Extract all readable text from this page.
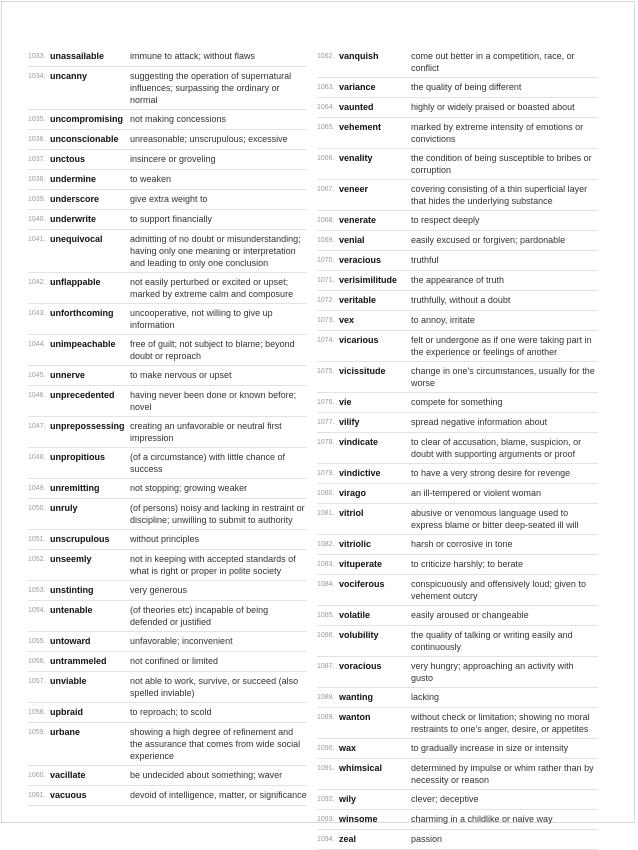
1033. unassailable	immune to attack; without flaws
1034. uncanny	suggesting the operation of supernatural influences; surpassing the ordinary or normal
1035. uncompromising not making concessions
1036. unconscionable	unreasonable; unscrupulous; excessive
1037. unctous	insincere or groveling
1038. undermine	to weaken
1039. underscore	give extra weight to
1040. underwrite	to support financially
1041. unequivocal	admitting of no doubt or misunderstanding; having only one meaning or interpretation and leading to only one conclusion
1042. unflappable	not easily perturbed or excited or upset; marked by extreme calm and composure
1043. unforthcoming	uncooperative, not willing to give up information
1044. unimpeachable	free of guilt; not subject to blame; beyond doubt or reproach
1045. unnerve	to make nervous or upset
1046. unprecedented	having never been done or known before; novel
1047. unprepossessing creating an unfavorable or neutral first impression
1048. unpropitious	(of a circumstance) with little chance of success
1049. unremitting	not stopping; growing weaker
1050. unruly	(of persons) noisy and lacking in restraint or discipline; unwilling to submit to authority
1051. unscrupulous	without principles
1052. unseemly	not in keeping with accepted standards of what is right or proper in polite society
1053. unstinting	very generous
1054. untenable	(of theories etc) incapable of being defended or justified
1055. untoward	unfavorable; inconvenient
1056. untrammeled	not confined or limited
1057. unviable	not able to work, survive, or succeed (also spelled inviable)
1058. upbraid	to reproach; to scold
1059. urbane	showing a high degree of refinement and the assurance that comes from wide social experience
1060. vacillate	be undecided about something; waver
1061. vacuous	devoid of intelligence, matter, or significance
1062. vanquish	come out better in a competition, race, or conflict
1063. variance	the quality of being different
1064. vaunted	highly or widely praised or boasted about
1065. vehement	marked by extreme intensity of emotions or convictions
1066. venality	the condition of being susceptible to bribes or corruption
1067. veneer	covering consisting of a thin superficial layer that hides the underlying substance
1068. venerate	to respect deeply
1069. venial	easily excused or forgiven; pardonable
1070. veracious	truthful
1071. verisimilitude	the appearance of truth
1072. veritable	truthfully, without a doubt
1073. vex	to annoy, irritate
1074. vicarious	felt or undergone as if one were taking part in the experience or feelings of another
1075. vicissitude	change in one's circumstances, usually for the worse
1076. vie	compete for something
1077. vilify	spread negative information about
1078. vindicate	to clear of accusation, blame, suspicion, or doubt with supporting arguments or proof
1079. vindictive	to have a very strong desire for revenge
1080. virago	an ill-tempered or violent woman
1081. vitriol	abusive or venomous language used to express blame or bitter deep-seated ill will
1082. vitriolic	harsh or corrosive in tone
1083. vituperate	to criticize harshly; to berate
1084. vociferous	conspicuously and offensively loud; given to vehement outcry
1085. volatile	easily aroused or changeable
1086. volubility	the quality of talking or writing easily and continuously
1087. voracious	very hungry; approaching an activity with gusto
1088. wanting	lacking
1089. wanton	without check or limitation; showing no moral restraints to one's anger, desire, or appetites
1090. wax	to gradually increase in size or intensity
1091. whimsical	determined by impulse or whim rather than by necessity or reason
1092. wily	clever; deceptive
1093. winsome	charming in a childlike or naive way
1094. zeal	passion
